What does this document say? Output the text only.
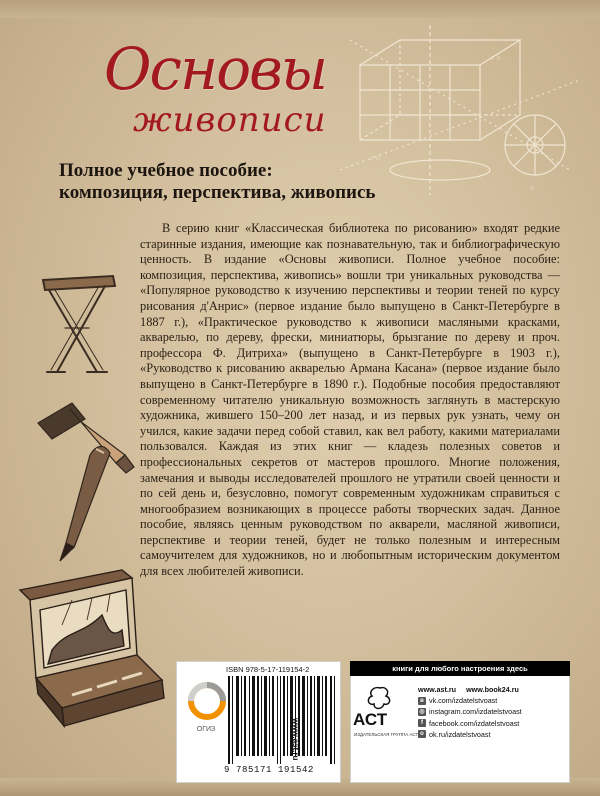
a b
c d
e
Основы
живописи
Полное учебное пособие:
композиция, перспектива, живопись

В серию книг «Классическая библиотека по рисованию» входят редкие старинные издания, имеющие как познавательную, так и библиографическую ценность. В издание «Основы живописи. Полное учебное пособие: композиция, перспектива, живопись» вошли три уникальных руководства — «Популярное руководство к изучению перспективы и теории теней по курсу рисования д'Анрис» (первое издание было выпущено в Санкт-Петербурге в 1887 г.), «Практическое руководство к живописи масляными красками, акварелью, по дереву, фрески, миниатюры, брызгание по дереву и проч. профессора Ф. Дитриха» (выпущено в Санкт-Петербурге в 1903 г.), «Руководство к рисованию акварелью Армана Касана» (первое издание было выпущено в Санкт-Петербурге в 1890 г.). Подобные пособия предоставляют современному читателю уникальную возможность заглянуть в мастерскую художника, жившего 150–200 лет назад, и из первых рук узнать, чему он учился, какие задачи перед собой ставил, как вел работу, какими материалами пользовался. Каждая из этих книг — кладезь полезных советов и профессиональных секретов от мастеров прошлого. Многие положения, замечания и выводы исследователей прошлого не утратили своей ценности и по сей день и, безусловно, помогут современным художникам справиться с многообразием возникающих в процессе работы творческих задач. Данное пособие, являясь ценным руководством по акварели, масляной живописи, перспективе и теории теней, будет не только полезным и интересным самоучителем для художников, но и любопытным историческим документом для всех любителей живописи.

ISBN 978-5-17-119154-2
9 785171 191542
www.ast.ru
ОГИЗ
книги для любого настроения здесь
АСТ
ИЗДАТЕЛЬСКАЯ ГРУППА АСТ
www.ast.ru www.book24.ru
в vk.com/izdatelstvoast
◎ instagram.com/izdatelstvoast
f facebook.com/izdatelstvoast
о ok.ru/izdatelstvoast
